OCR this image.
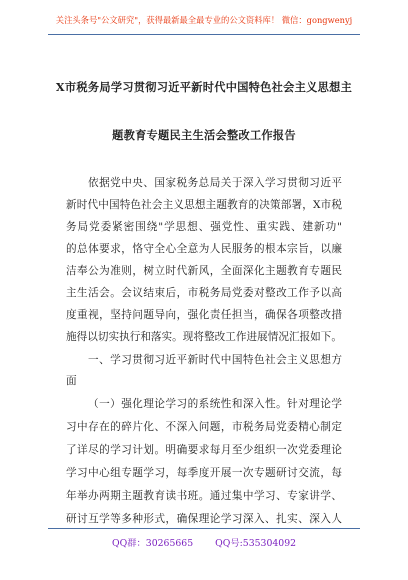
关注头条号"公文研究"，获得最新最全最专业的公文资料库！ 微信：gongwenyj
X市税务局学习贯彻习近平新时代中国特色社会主义思想主
题教育专题民主生活会整改工作报告
依据党中央、国家税务总局关于深入学习贯彻习近平
新时代中国特色社会主义思想主题教育的决策部署，X市税
务局党委紧密围绕"学思想、强党性、重实践、建新功"
的总体要求，恪守全心全意为人民服务的根本宗旨，以廉
洁奉公为准则，树立时代新风，全面深化主题教育专题民
主生活会。会议结束后，市税务局党委对整改工作予以高
度重视，坚持问题导向，强化责任担当，确保各项整改措
施得以切实执行和落实。现将整改工作进展情况汇报如下。
一、学习贯彻习近平新时代中国特色社会主义思想方
面
（一）强化理论学习的系统性和深入性。针对理论学
习中存在的碎片化、不深入问题，市税务局党委精心制定
了详尽的学习计划。明确要求每月至少组织一次党委理论
学习中心组专题学习，每季度开展一次专题研讨交流，每
年举办两期主题教育读书班。通过集中学习、专家讲学、
研讨互学等多种形式，确保理论学习深入、扎实、深入人
QQ群：30265665 QQ号:535304092
